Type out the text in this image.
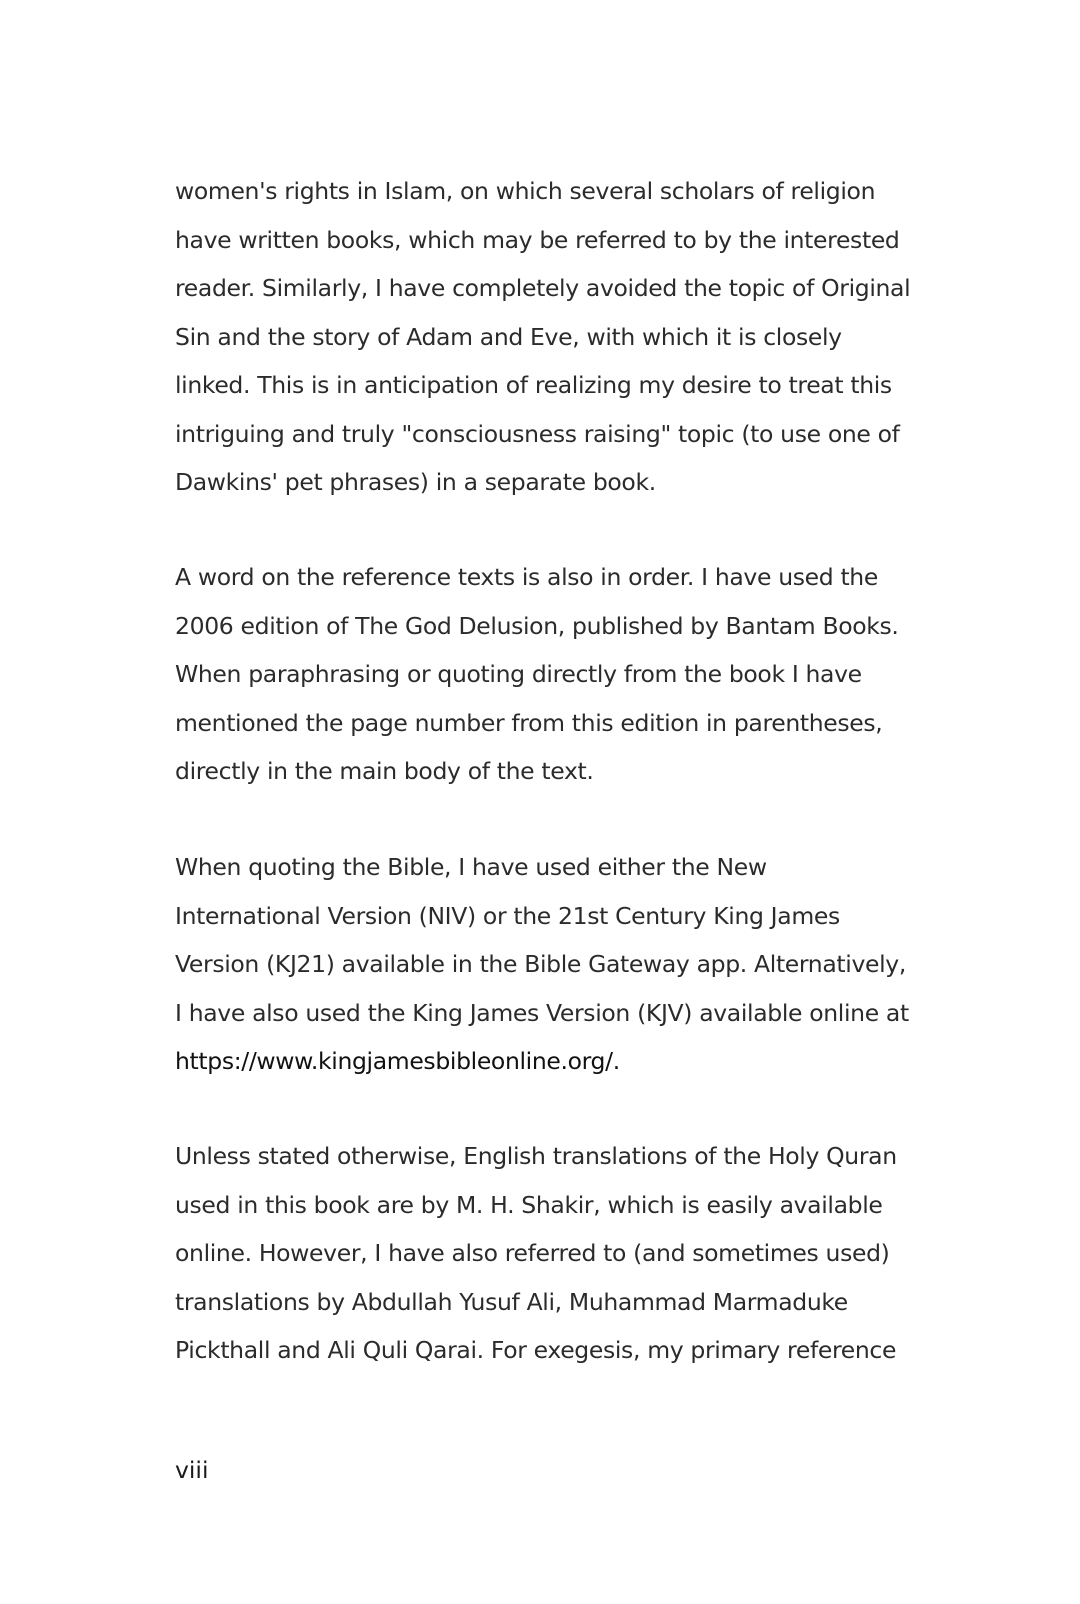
women's rights in Islam, on which several scholars of religion
have written books, which may be referred to by the interested
reader. Similarly, I have completely avoided the topic of Original
Sin and the story of Adam and Eve, with which it is closely
linked. This is in anticipation of realizing my desire to treat this
intriguing and truly "consciousness raising" topic (to use one of
Dawkins' pet phrases) in a separate book.

A word on the reference texts is also in order. I have used the
2006 edition of The God Delusion, published by Bantam Books.
When paraphrasing or quoting directly from the book I have
mentioned the page number from this edition in parentheses,
directly in the main body of the text.

When quoting the Bible, I have used either the New
International Version (NIV) or the 21st Century King James
Version (KJ21) available in the Bible Gateway app. Alternatively,
I have also used the King James Version (KJV) available online at
https://www.kingjamesbibleonline.org/.

Unless stated otherwise, English translations of the Holy Quran
used in this book are by M. H. Shakir, which is easily available
online. However, I have also referred to (and sometimes used)
translations by Abdullah Yusuf Ali, Muhammad Marmaduke
Pickthall and Ali Quli Qarai. For exegesis, my primary reference

viii
